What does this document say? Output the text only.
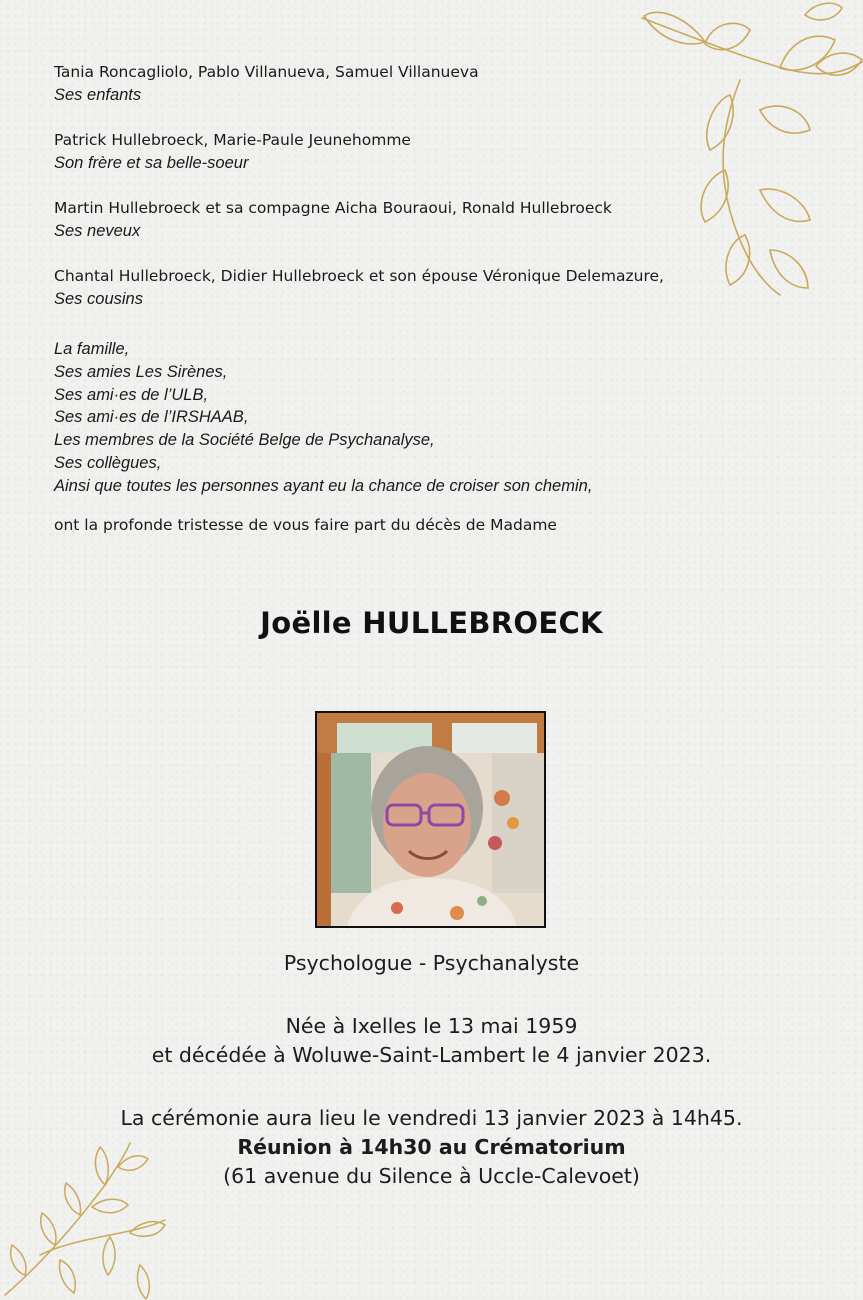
Tania Roncagliolo, Pablo Villanueva, Samuel Villanueva
Ses enfants
Patrick Hullebroeck, Marie-Paule Jeunehomme
Son frère et sa belle-soeur
Martin Hullebroeck et sa compagne Aicha Bouraoui, Ronald Hullebroeck
Ses neveux
Chantal Hullebroeck, Didier Hullebroeck et son épouse Véronique Delemazure,
Ses cousins
La famille,
Ses amies Les Sirènes,
Ses ami·es de l’ULB,
Ses ami·es de l’IRSHAAB,
Les membres de la Société Belge de Psychanalyse,
Ses collègues,
Ainsi que toutes les personnes ayant eu la chance de croiser son chemin,
ont la profonde tristesse de vous faire part du décès de Madame
Joëlle HULLEBROECK
Psychologue - Psychanalyste
Née à Ixelles le 13 mai 1959
et décédée à Woluwe-Saint-Lambert le 4 janvier 2023.
La cérémonie aura lieu le vendredi 13 janvier 2023 à 14h45.
Réunion à 14h30 au Crématorium
(61 avenue du Silence à Uccle-Calevoet)
